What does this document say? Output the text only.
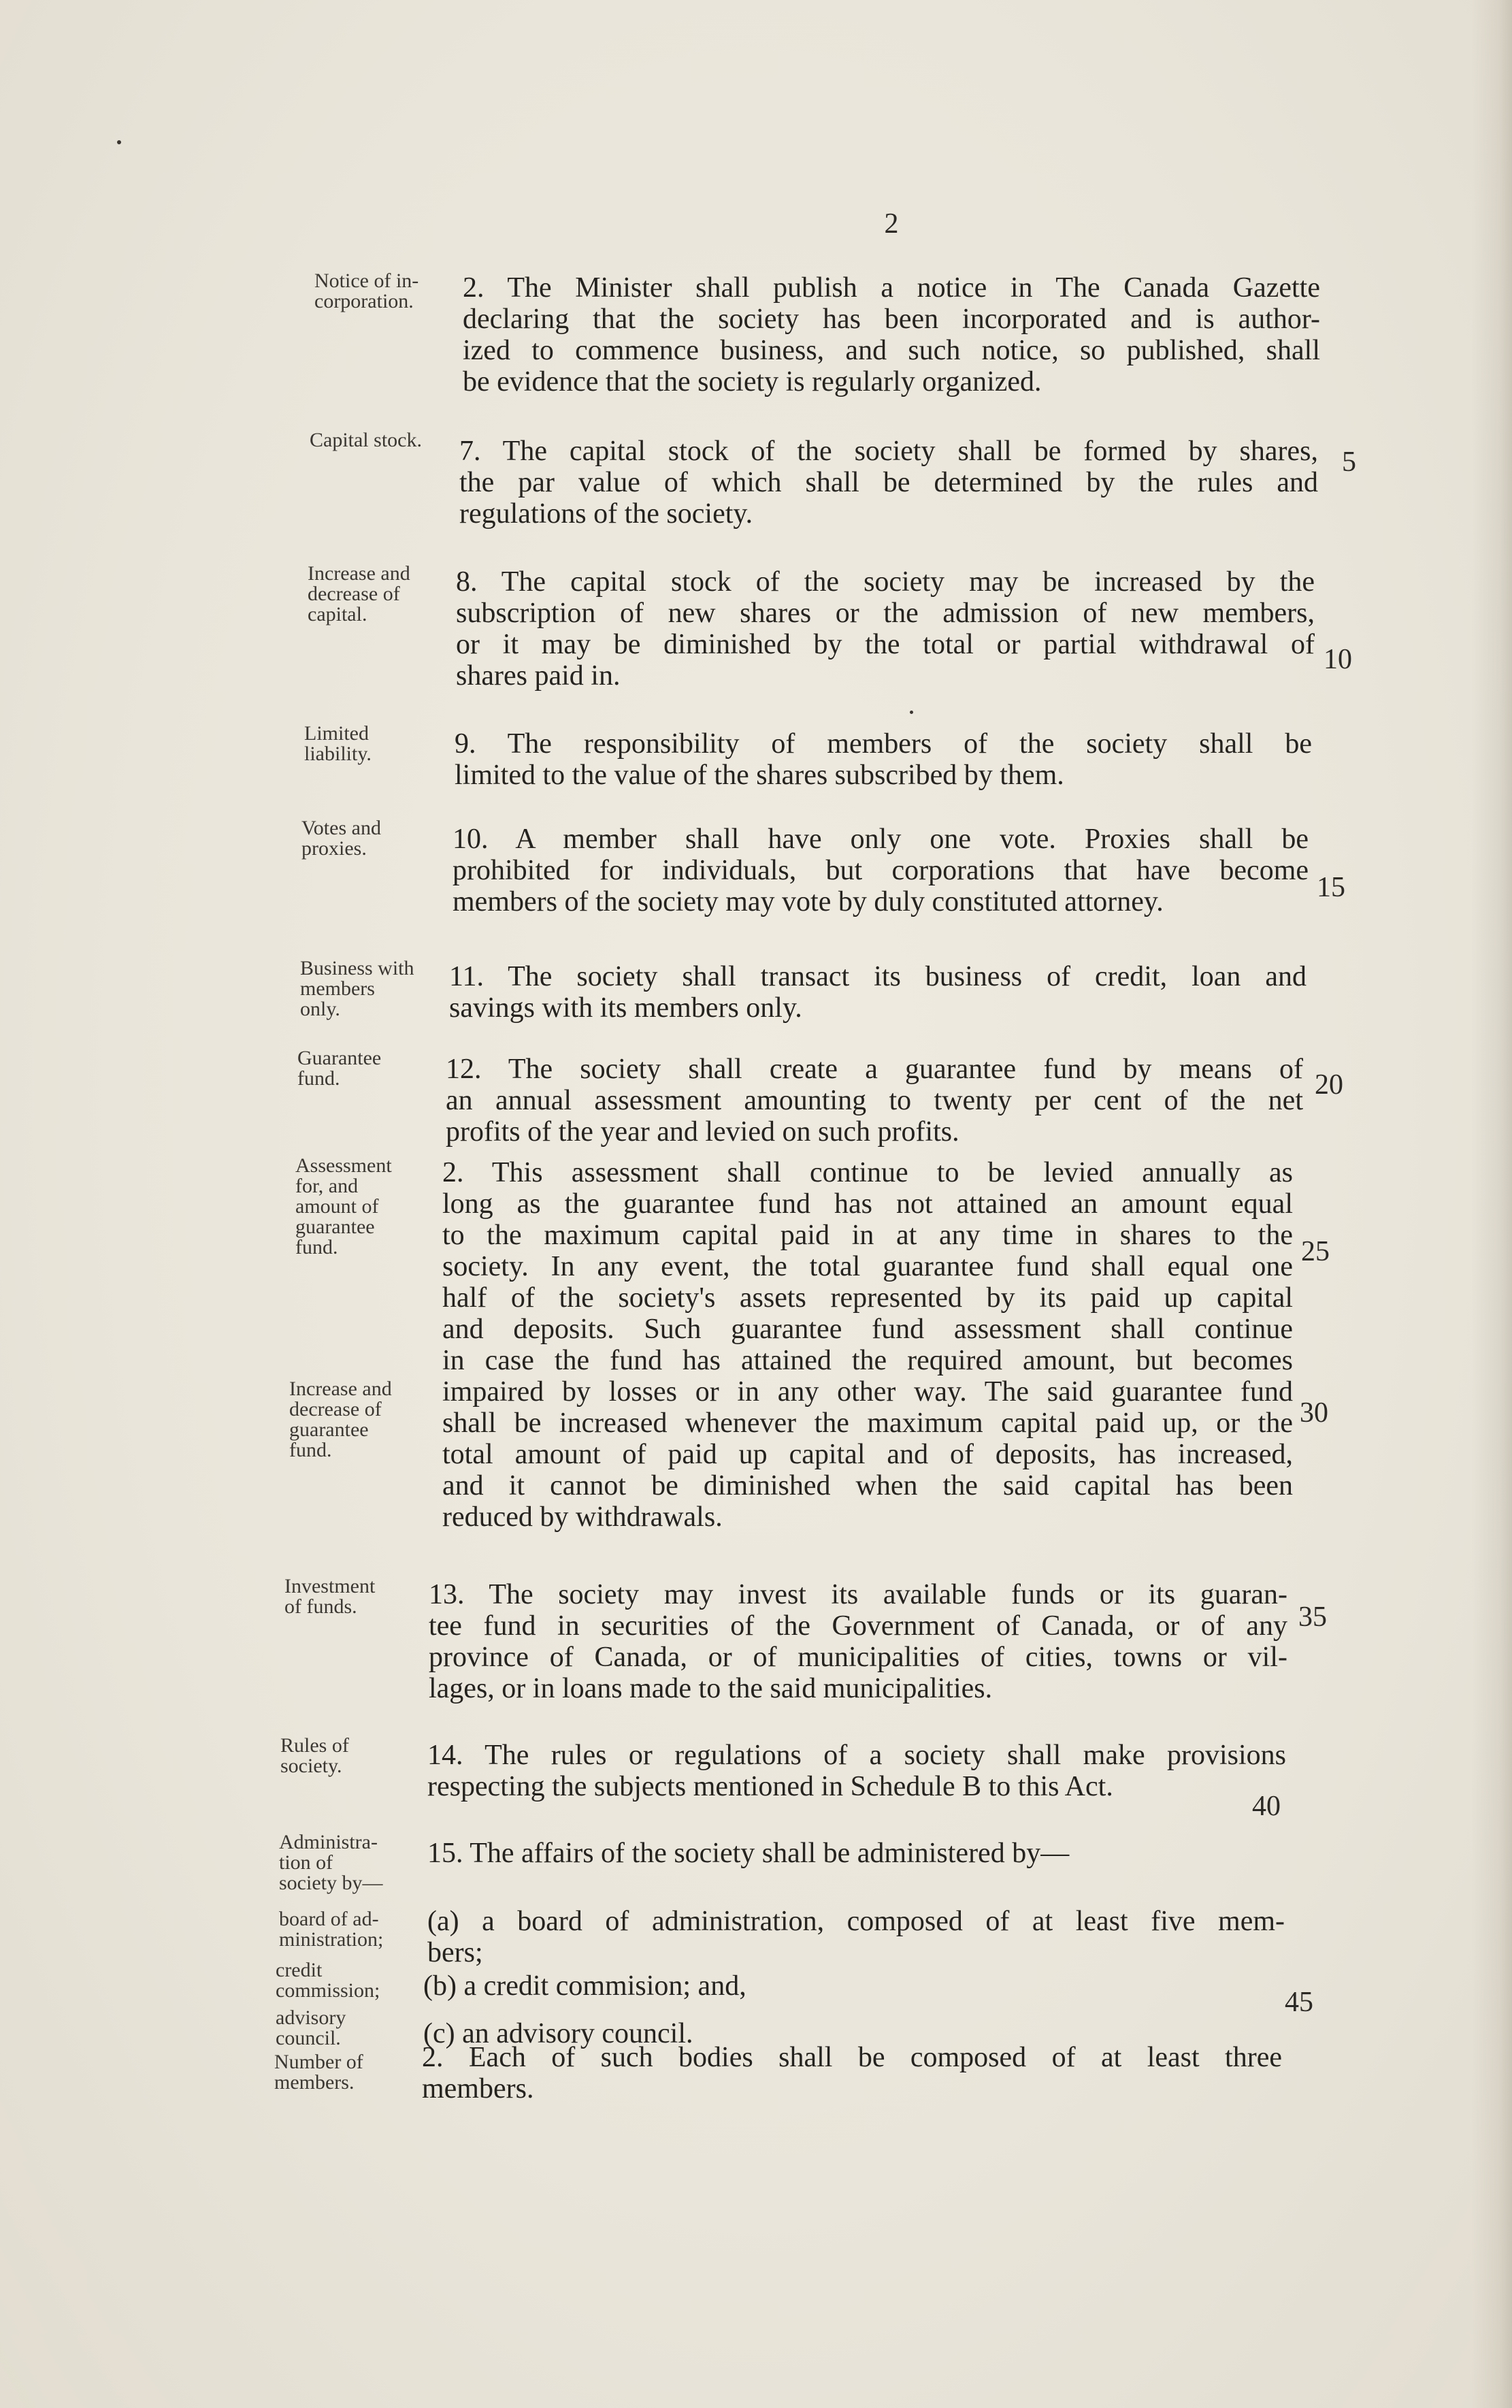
2
Notice of in-
corporation. 2. The Minister shall publish a notice in The Canada Gazette
declaring that the society has been incorporated and is author-
ized to commence business, and such notice, so published, shall
be evidence that the society is regularly organized.
Capital stock. 7. The capital stock of the society shall be formed by shares,
the par value of which shall be determined by the rules and
regulations of the society.
Increase and
decrease of
capital.
8. The capital stock of the society may be increased by the
subscription of new shares or the admission of new members,
or it may be diminished by the total or partial withdrawal of
shares paid in.
Limited
liability.	9. The responsibility of members of the society shall be
limited to the value of the shares subscribed by them.
Votes and
proxies.	10. A member shall have only one vote. Proxies shall be
prohibited for individuals, but corporations that have become
members of the society may vote by duly constituted attorney.
Business with
members
only.
11. The society shall transact its business of credit, loan and
savings with its members only.
Guarantee
fund.	12. The society shall create a guarantee fund by means of
an annual assessment amounting to twenty per cent of the net
profits of the year and levied on such profits.
Assessment
for, and
amount of
guarantee
fund.
Increase and
decrease of
guarantee
fund.
2. This assessment shall continue to be levied annually as
long as the guarantee fund has not attained an amount equal
to the maximum capital paid in at any time in shares to the
society. In any event, the total guarantee fund shall equal one
half of the society's assets represented by its paid up capital
and deposits. Such guarantee fund assessment shall continue
in case the fund has attained the required amount, but becomes
impaired by losses or in any other way. The said guarantee fund
shall be increased whenever the maximum capital paid up, or the
total amount of paid up capital and of deposits, has increased,
and it cannot be diminished when the said capital has been
reduced by withdrawals.
Investment
of funds.	13. The society may invest its available funds or its guaran-
tee fund in securities of the Government of Canada, or of any
province of Canada, or of municipalities of cities, towns or vil-
lages, or in loans made to the said municipalities.
Rules of
society.	14. The rules or regulations of a society shall make provisions
respecting the subjects mentioned in Schedule B to this Act.
Administra-
tion of
society by—
15. The affairs of the society shall be administered by—
board of ad-
ministration;
(a) a board of administration, composed of at least five mem-
bers;
credit
commission; (b) a credit commision; and,
advisory
council.	(c) an advisory council.
Number of
members.
2. Each of such bodies shall be composed of at least three
members.
5
10
15
20
25
30
35
40
45
